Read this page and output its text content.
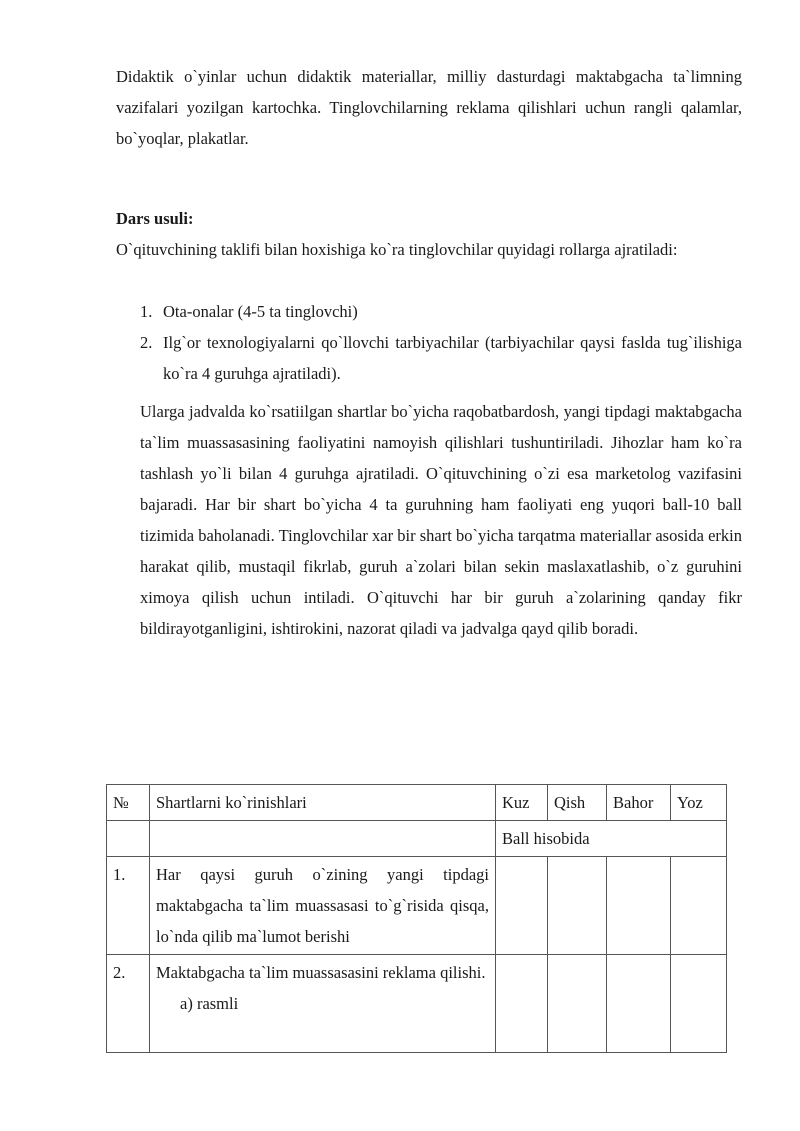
Didaktik o`yinlar uchun didaktik materiallar, milliy dasturdagi maktabgacha ta`limning vazifalari yozilgan kartochka. Tinglovchilarning reklama qilishlari uchun rangli qalamlar, bo`yoqlar, plakatlar.

Dars usuli:

O`qituvchining taklifi bilan hoxishiga ko`ra tinglovchilar quyidagi rollarga ajratiladi:

1. Ota-onalar (4-5 ta tinglovchi)
2. Ilg`or texnologiyalarni qo`llovchi tarbiyachilar (tarbiyachilar qaysi faslda tug`ilishiga ko`ra 4 guruhga ajratiladi).

Ularga jadvalda ko`rsatiilgan shartlar bo`yicha raqobatbardosh, yangi tipdagi maktabgacha ta`lim muassasasining faoliyatini namoyish qilishlari tushuntiriladi. Jihozlar ham ko`ra tashlash yo`li bilan 4 guruhga ajratiladi. O`qituvchining o`zi esa marketolog vazifasini bajaradi. Har bir shart bo`yicha 4 ta guruhning ham faoliyati eng yuqori ball-10 ball tizimida baholanadi. Tinglovchilar xar bir shart bo`yicha tarqatma materiallar asosida erkin harakat qilib, mustaqil fikrlab, guruh a`zolari bilan sekin maslaxatlashib, o`z guruhini ximoya qilish uchun intiladi. O`qituvchi har bir guruh a`zolarining qanday fikr bildirayotganligini, ishtirokini, nazorat qiladi va jadvalga qayd qilib boradi.

№	Shartlarni ko`rinishlari	Kuz	Qish	Bahor	Yoz
		Ball hisobida			
1.	Har qaysi guruh o`zining yangi tipdagi maktabgacha ta`lim muassasasi to`g`risida qisqa, lo`nda qilib ma`lumot berishi				
2.	Maktabgacha ta`lim muassasasini reklama qilishi.
a) rasmli				
